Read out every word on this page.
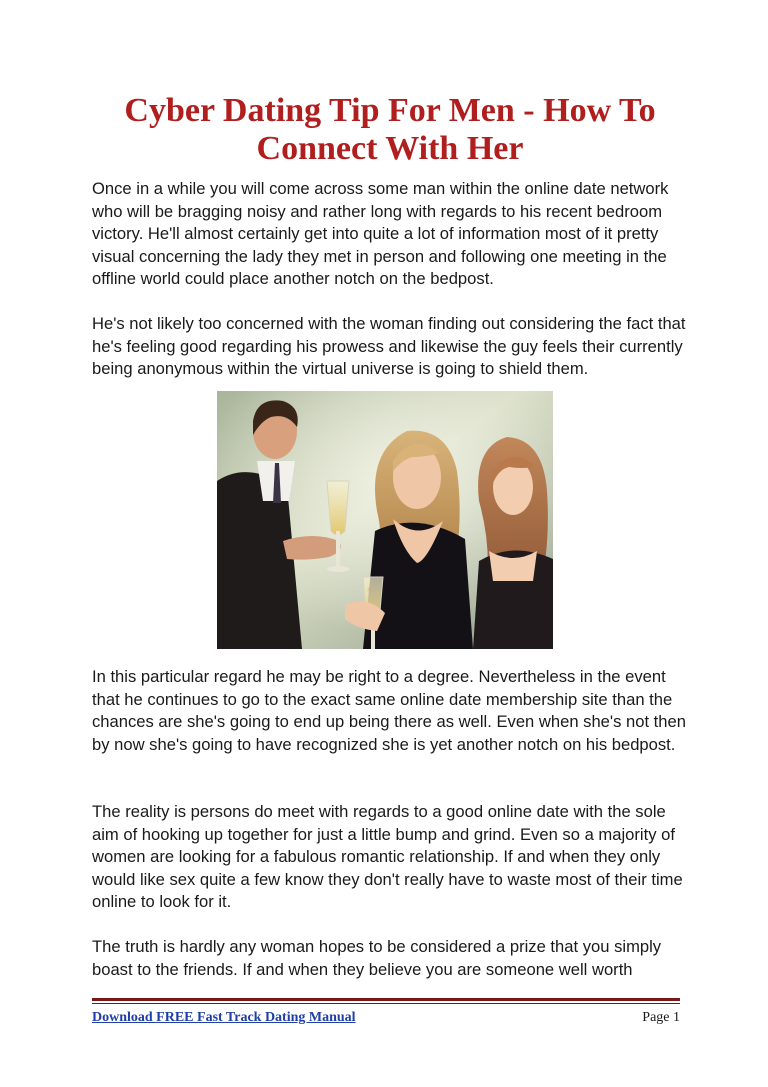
Cyber Dating Tip For Men - How To Connect With Her

Once in a while you will come across some man within the online date network who will be bragging noisy and rather long with regards to his recent bedroom victory. He'll almost certainly get into quite a lot of information most of it pretty visual concerning the lady they met in person and following one meeting in the offline world could place another notch on the bedpost.

He's not likely too concerned with the woman finding out considering the fact that he's feeling good regarding his prowess and likewise the guy feels their currently being anonymous within the virtual universe is going to shield them.

In this particular regard he may be right to a degree. Nevertheless in the event that he continues to go to the exact same online date membership site than the chances are she's going to end up being there as well. Even when she's not then by now she's going to have recognized she is yet another notch on his bedpost.

The reality is persons do meet with regards to a good online date with the sole aim of hooking up together for just a little bump and grind. Even so a majority of women are looking for a fabulous romantic relationship. If and when they only would like sex quite a few know they don't really have to waste most of their time online to look for it.

The truth is hardly any woman hopes to be considered a prize that you simply boast to the friends. If and when they believe you are someone well worth

Download FREE Fast Track Dating Manual	Page 1
